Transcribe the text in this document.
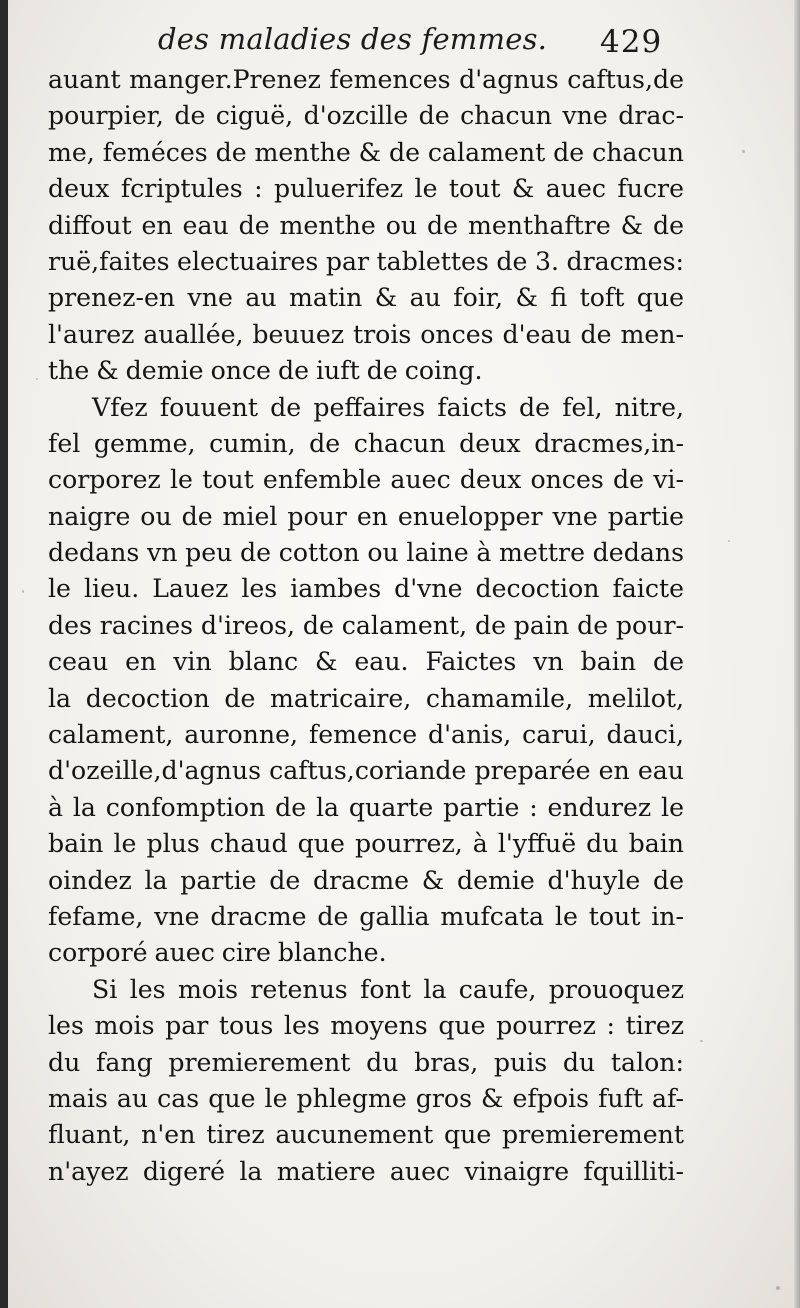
des maladies des femmes. 429
auant manger.Prenez femences d'agnus caftus,de
pourpier, de ciguë, d'ozcille de chacun vne drac-
me, feméces de menthe & de calament de chacun
deux fcriptules : puluerifez le tout & auec fucre
diffout en eau de menthe ou de menthaftre & de
ruë,faites electuaires par tablettes de 3. dracmes:
prenez-en vne au matin & au foir, & fi toft que
l'aurez auallée, beuuez trois onces d'eau de men-
the & demie once de iuft de coing.
Vfez fouuent de peffaires faicts de fel, nitre,
fel gemme, cumin, de chacun deux dracmes,in-
corporez le tout enfemble auec deux onces de vi-
naigre ou de miel pour en enuelopper vne partie
dedans vn peu de cotton ou laine à mettre dedans
le lieu. Lauez les iambes d'vne decoction faicte
des racines d'ireos, de calament, de pain de pour-
ceau en vin blanc & eau. Faictes vn bain de
la decoction de matricaire, chamamile, melilot,
calament, auronne, femence d'anis, carui, dauci,
d'ozeille,d'agnus caftus,coriande preparée en eau
à la confomption de la quarte partie : endurez le
bain le plus chaud que pourrez, à l'yffuë du bain
oindez la partie de dracme & demie d'huyle de
fefame, vne dracme de gallia mufcata le tout in-
corporé auec cire blanche.
Si les mois retenus font la caufe, prouoquez
les mois par tous les moyens que pourrez : tirez
du fang premierement du bras, puis du talon:
mais au cas que le phlegme gros & efpois fuft af-
fluant, n'en tirez aucunement que premierement
n'ayez digeré la matiere auec vinaigre fquilliti-
